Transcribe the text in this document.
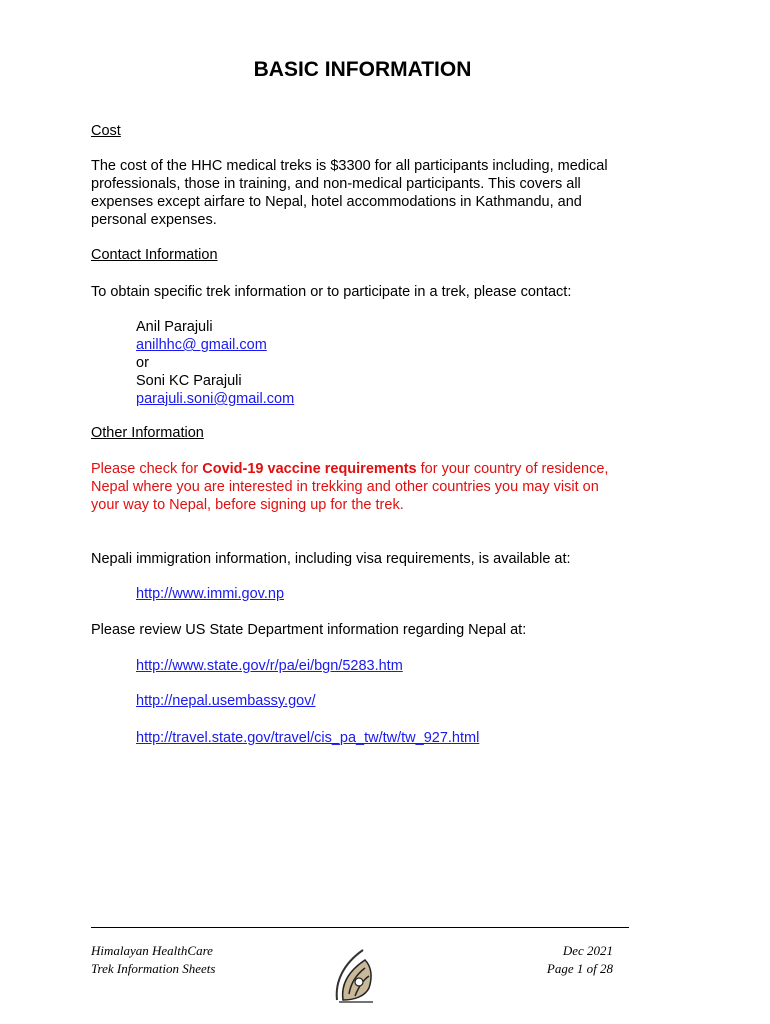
BASIC INFORMATION
Cost
The cost of the HHC medical treks is $3300 for all participants including, medical professionals, those in training, and non-medical participants. This covers all expenses except airfare to Nepal, hotel accommodations in Kathmandu, and personal expenses.
Contact Information
To obtain specific trek information or to participate in a trek, please contact:
Anil Parajuli
anilhhc@ gmail.com
or
Soni KC Parajuli
parajuli.soni@gmail.com
Other Information
Please check for Covid-19 vaccine requirements for your country of residence, Nepal where you are interested in trekking and other countries you may visit on your way to Nepal, before signing up for the trek.
Nepali immigration information, including visa requirements, is available at:
http://www.immi.gov.np
Please review US State Department information regarding Nepal at:
http://www.state.gov/r/pa/ei/bgn/5283.htm
http://nepal.usembassy.gov/
http://travel.state.gov/travel/cis_pa_tw/tw/tw_927.html
Himalayan HealthCare
Trek Information Sheets
Dec 2021
Page 1 of 28
